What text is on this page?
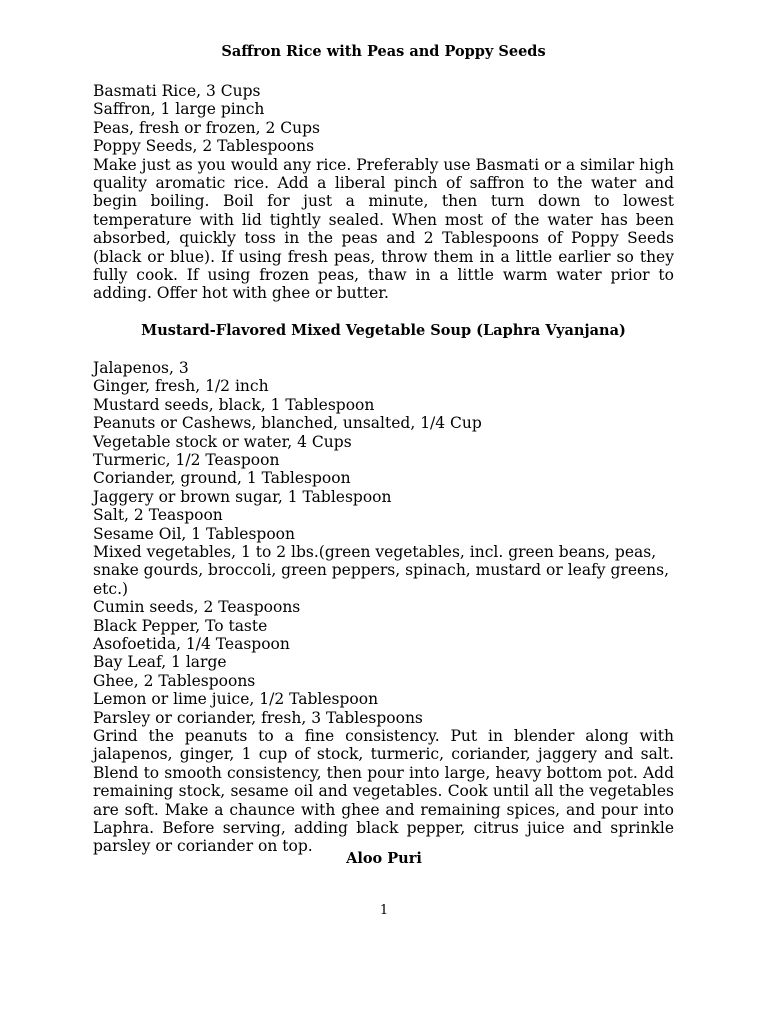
Saffron Rice with Peas and Poppy Seeds
Basmati Rice, 3 Cups
Saffron, 1 large pinch
Peas, fresh or frozen, 2 Cups
Poppy Seeds, 2 Tablespoons

Make just as you would any rice. Preferably use Basmati or a similar high quality aromatic rice. Add a liberal pinch of saffron to the water and begin boiling. Boil for just a minute, then turn down to lowest temperature with lid tightly sealed. When most of the water has been absorbed, quickly toss in the peas and 2 Tablespoons of Poppy Seeds (black or blue). If using fresh peas, throw them in a little earlier so they fully cook. If using frozen peas, thaw in a little warm water prior to adding. Offer hot with ghee or butter.

Mustard-Flavored Mixed Vegetable Soup (Laphra Vyanjana)
Jalapenos, 3
Ginger, fresh, 1/2 inch
Mustard seeds, black, 1 Tablespoon
Peanuts or Cashews, blanched, unsalted, 1/4 Cup
Vegetable stock or water, 4 Cups
Turmeric, 1/2 Teaspoon
Coriander, ground, 1 Tablespoon
Jaggery or brown sugar, 1 Tablespoon
Salt, 2 Teaspoon
Sesame Oil, 1 Tablespoon
Mixed vegetables, 1 to 2 lbs.(green vegetables, incl. green beans, peas, snake gourds, broccoli, green peppers, spinach, mustard or leafy greens, etc.)
Cumin seeds, 2 Teaspoons
Black Pepper, To taste
Asofoetida, 1/4 Teaspoon
Bay Leaf, 1 large
Ghee, 2 Tablespoons
Lemon or lime juice, 1/2 Tablespoon
Parsley or coriander, fresh, 3 Tablespoons

Grind the peanuts to a fine consistency. Put in blender along with jalapenos, ginger, 1 cup of stock, turmeric, coriander, jaggery and salt. Blend to smooth consistency, then pour into large, heavy bottom pot. Add remaining stock, sesame oil and vegetables. Cook until all the vegetables are soft. Make a chaunce with ghee and remaining spices, and pour into Laphra. Before serving, adding black pepper, citrus juice and sprinkle parsley or coriander on top.

Aloo Puri
1
